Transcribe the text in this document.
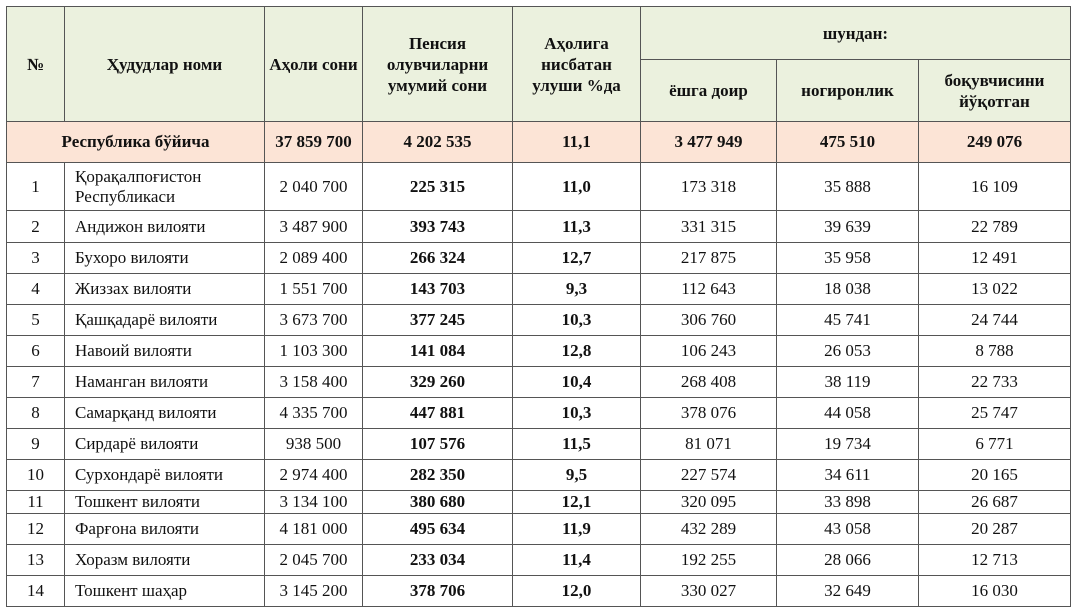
№	Ҳудудлар номи	Аҳоли сони	Пенсия олувчиларни умумий сони	Аҳолига нисбатан улуши %да	шундан:		
					ёшга доир	ногиронлик	боқувчисини йўқотган
Республика бўйича		37 859 700	4 202 535	11,1	3 477 949	475 510	249 076
1	Қорақалпоғистон Республикаси	2 040 700	225 315	11,0	173 318	35 888	16 109
2	Андижон вилояти	3 487 900	393 743	11,3	331 315	39 639	22 789
3	Бухоро вилояти	2 089 400	266 324	12,7	217 875	35 958	12 491
4	Жиззах вилояти	1 551 700	143 703	9,3	112 643	18 038	13 022
5	Қашқадарё вилояти	3 673 700	377 245	10,3	306 760	45 741	24 744
6	Навоий вилояти	1 103 300	141 084	12,8	106 243	26 053	8 788
7	Наманган вилояти	3 158 400	329 260	10,4	268 408	38 119	22 733
8	Самарқанд вилояти	4 335 700	447 881	10,3	378 076	44 058	25 747
9	Сирдарё вилояти	938 500	107 576	11,5	81 071	19 734	6 771
10	Сурхондарё вилояти	2 974 400	282 350	9,5	227 574	34 611	20 165
11	Тошкент вилояти	3 134 100	380 680	12,1	320 095	33 898	26 687
12	Фарғона вилояти	4 181 000	495 634	11,9	432 289	43 058	20 287
13	Хоразм вилояти	2 045 700	233 034	11,4	192 255	28 066	12 713
14	Тошкент шаҳар	3 145 200	378 706	12,0	330 027	32 649	16 030
